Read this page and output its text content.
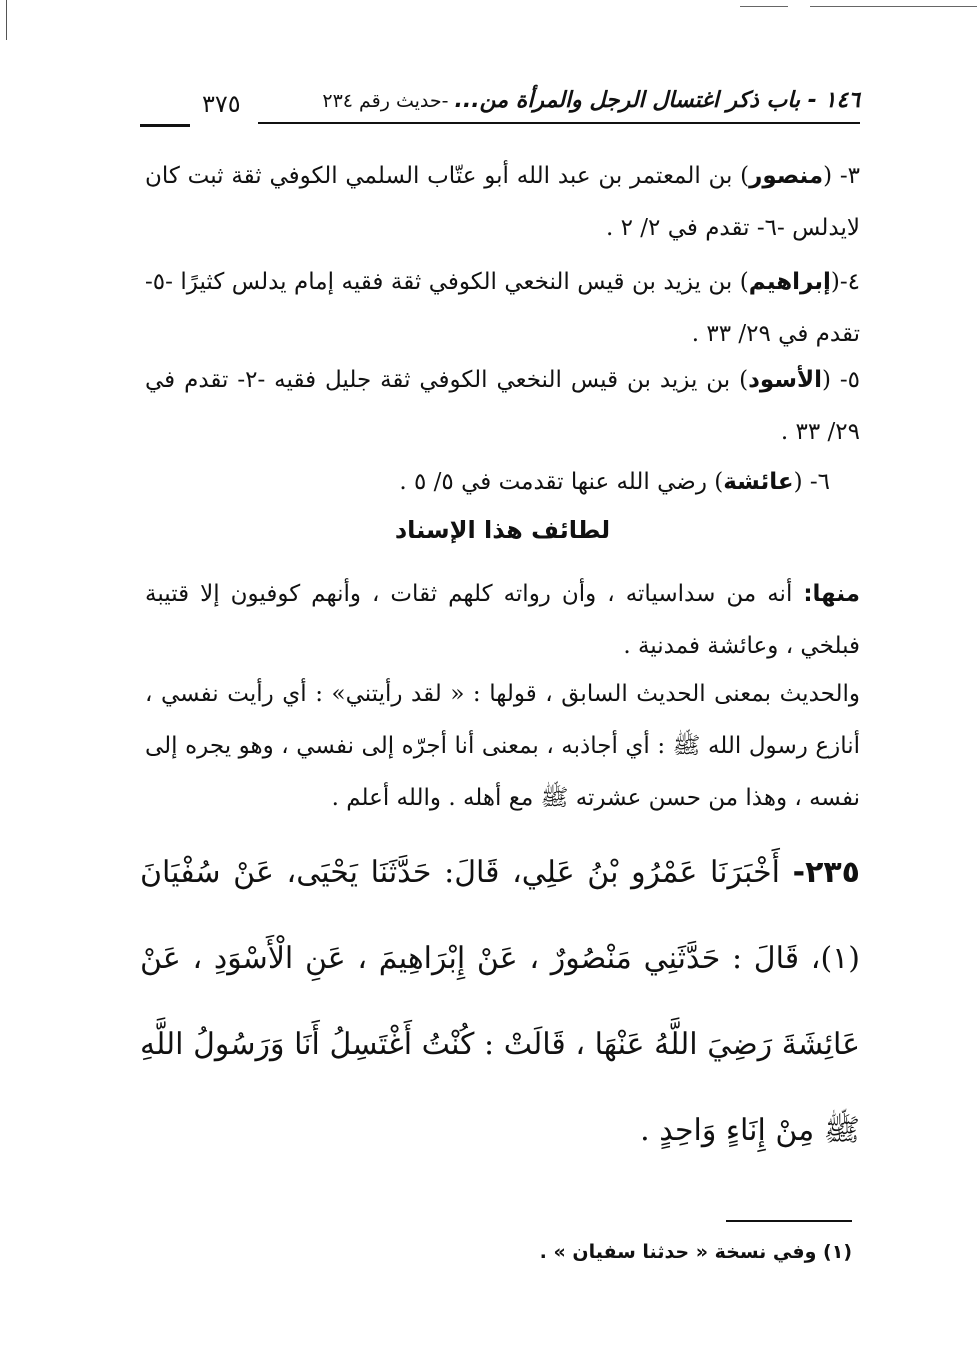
١٤٦ - باب ذكر اغتسال الرجل والمرأة من... -حديث رقم ٢٣٤
٣٧٥
٣- (منصور) بن المعتمر بن عبد الله أبو عتّاب السلمي الكوفي ثقة ثبت كان لايدلس -٦- تقدم في ٢/ ٢ .
٤-(إبراهيم) بن يزيد بن قيس النخعي الكوفي ثقة فقيه إمام يدلس كثيرًا -٥-تقدم في ٢٩/ ٣٣ .
٥- (الأسود) بن يزيد بن قيس النخعي الكوفي ثقة جليل فقيه -٢- تقدم في ٢٩/ ٣٣ .
٦- (عائشة) رضي الله عنها تقدمت في ٥/ ٥ .
لطائف هذا الإسناد
منها: أنه من سداسياته ، وأن رواته كلهم ثقات ، وأنهم كوفيون إلا قتيبة فبلخي ، وعائشة فمدنية .
والحديث بمعنى الحديث السابق ، قولها : « لقد رأيتني» : أي رأيت نفسي ، أنازع رسول الله ﷺ : أي أجاذبه ، بمعنى أنا أجرّه إلى نفسي ، وهو يجره إلى نفسه ، وهذا من حسن عشرته ﷺ مع أهله . والله أعلم .
٢٣٥- أَخْبَرَنَا عَمْرُو بْنُ عَلِي، قَالَ: حَدَّثَنَا يَحْيَى، عَنْ سُفْيَانَ (١)، قَالَ : حَدَّثَنِي مَنْصُورٌ ، عَنْ إِبْرَاهِيمَ ، عَنِ الْأَسْوَدِ ، عَنْ عَائِشَةَ رَضِيَ اللَّهُ عَنْهَا ، قَالَتْ : كُنْتُ أَغْتَسِلُ أَنَا وَرَسُولُ اللَّهِ ﷺ مِنْ إِنَاءٍ وَاحِدٍ .
(١) وفي نسخة « حدثنا سفيان » .
